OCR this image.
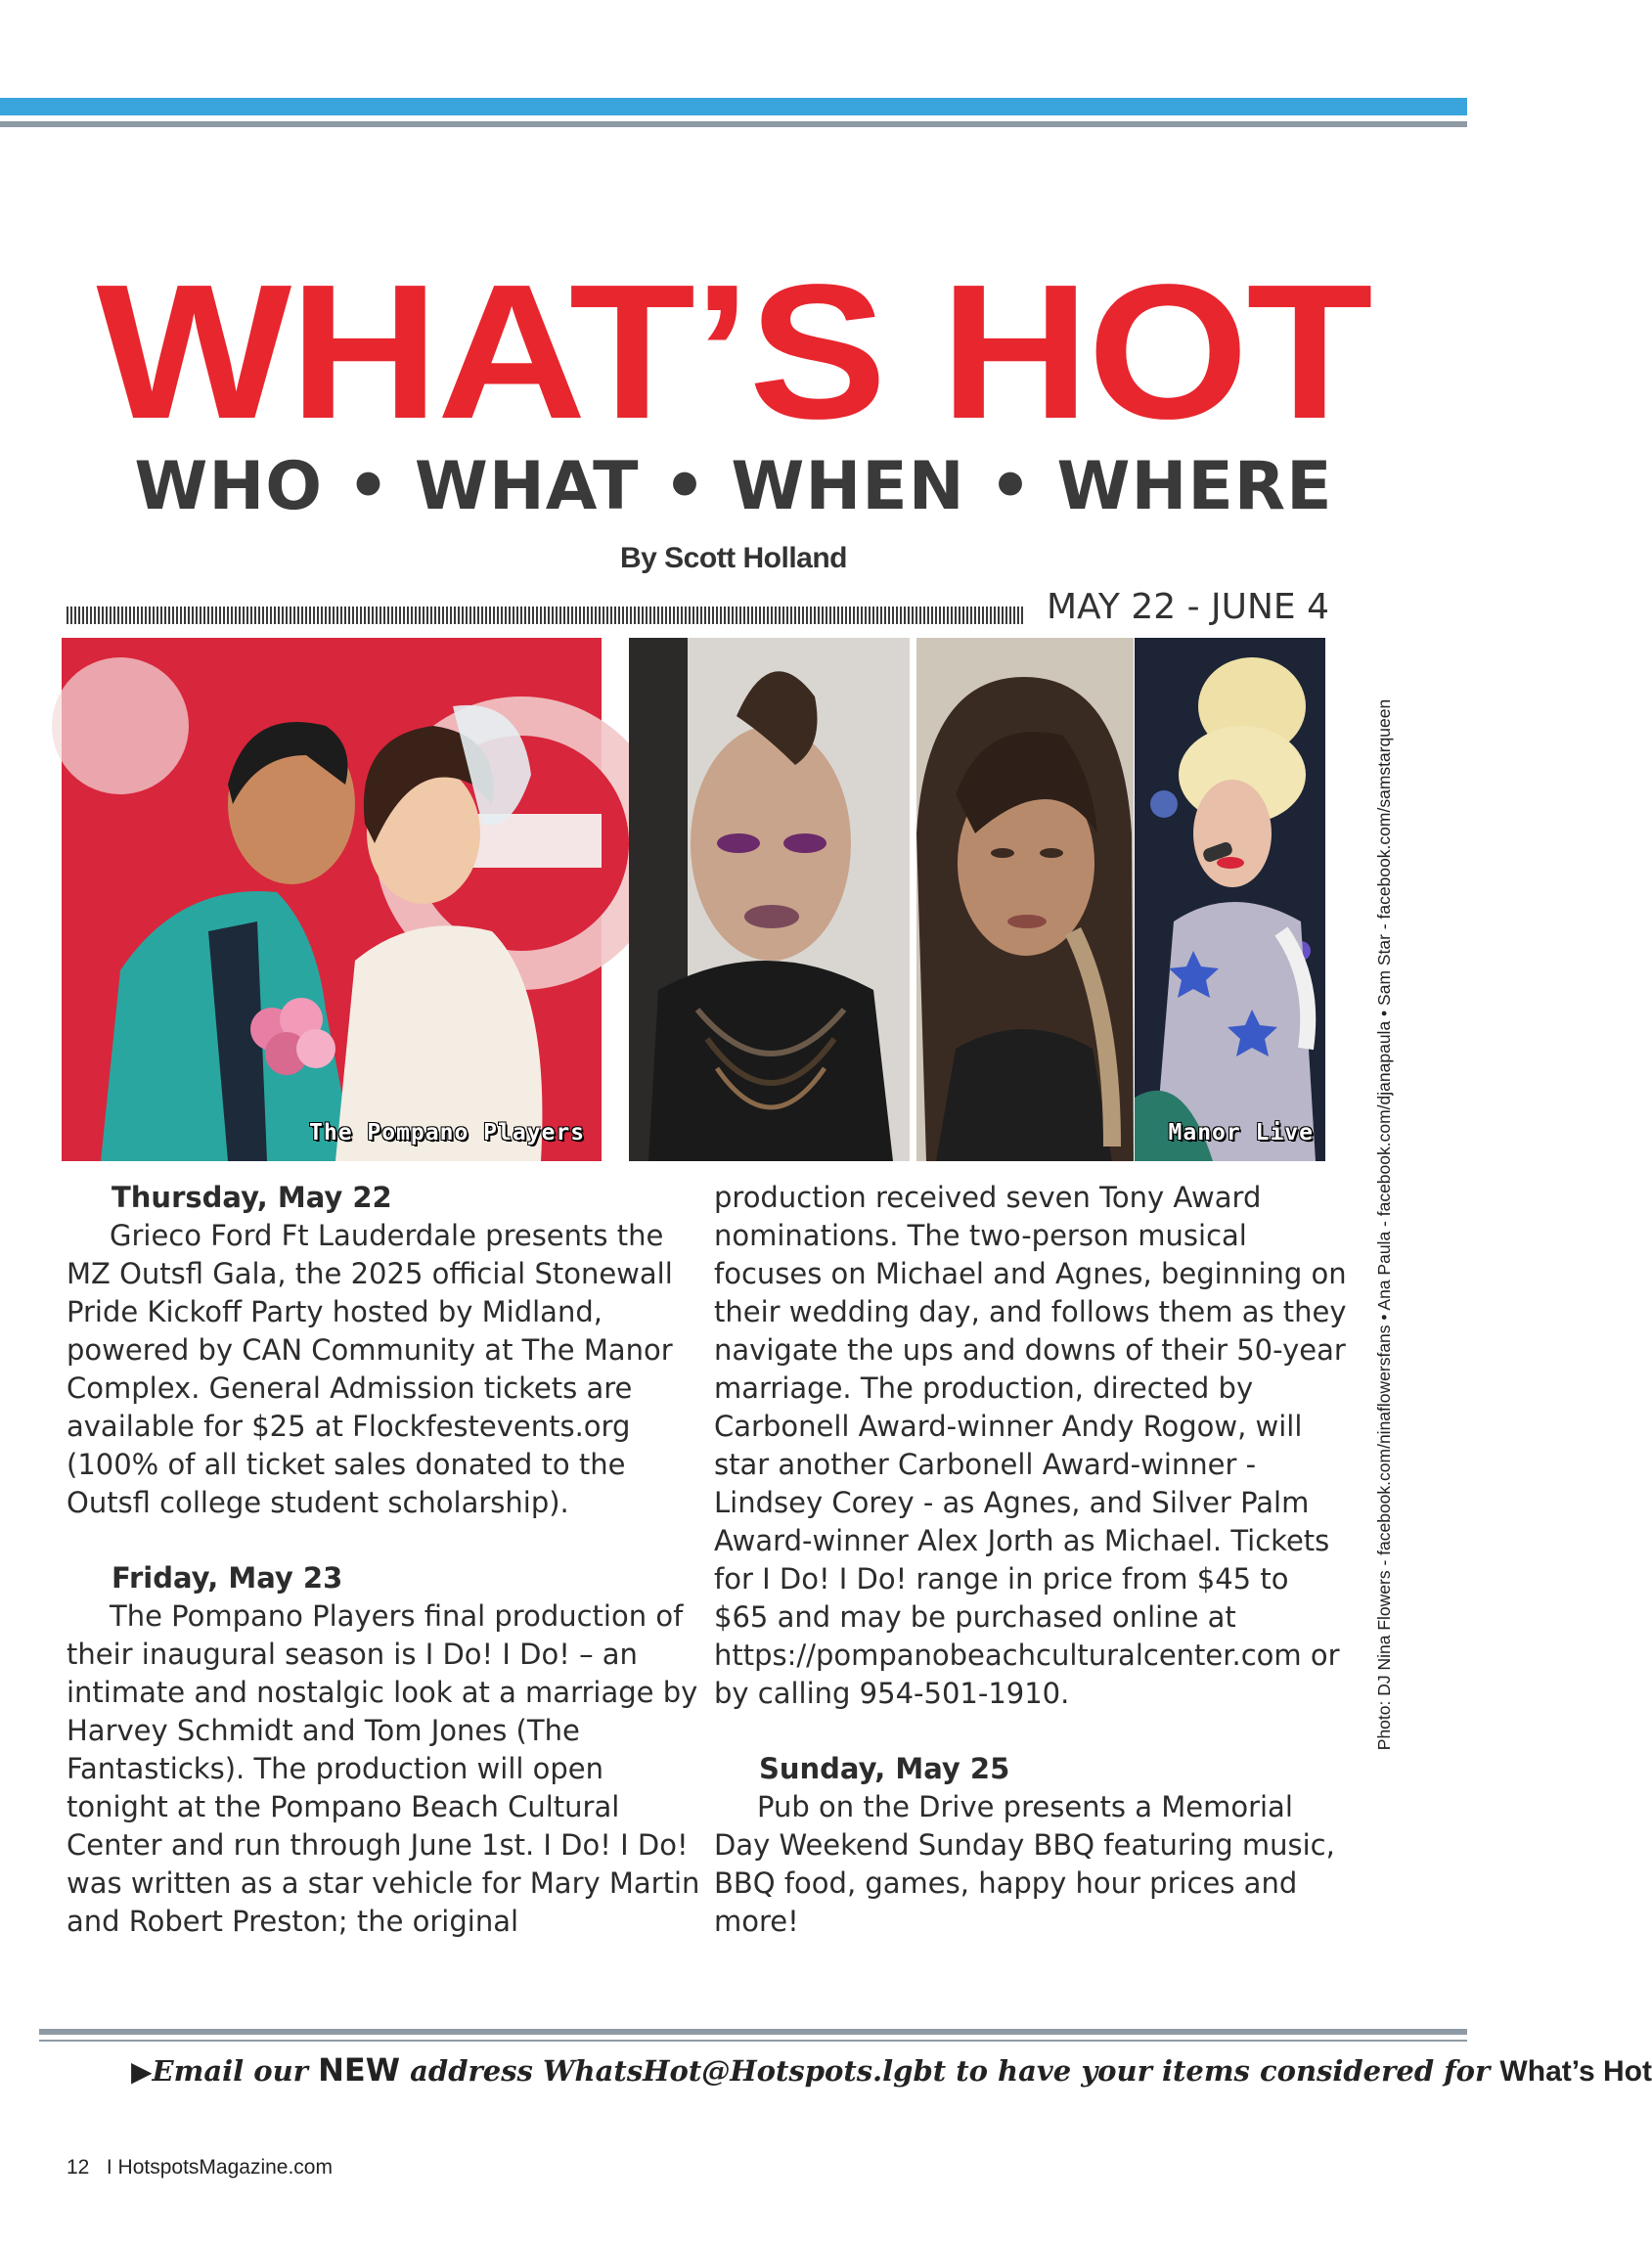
WHAT’S HOT
WHO • WHAT • WHEN • WHERE
By Scott Holland
MAY 22 - JUNE 4
The Pompano Players	Manor Live	Photo: DJ Nina Flowers - facebook.com/ninaflowersfans • Ana Paula - facebook.com/djanapaula • Sam Star - facebook.com/samstarqueen
Thursday, May 22

Grieco Ford Ft Lauderdale presents the MZ Outsfl Gala, the 2025 official Stonewall Pride Kickoff Party hosted by Midland, powered by CAN Community at The Manor Complex. General Admission tickets are available for $25 at Flockfestevents.org (100% of all ticket sales donated to the Outsfl college student scholarship).

Friday, May 23

The Pompano Players final production of their inaugural season is I Do! I Do! – an intimate and nostalgic look at a marriage by Harvey Schmidt and Tom Jones (The Fantasticks). The production will open tonight at the Pompano Beach Cultural Center and run through June 1st. I Do! I Do! was written as a star vehicle for Mary Martin and Robert Preston; the original

production received seven Tony Award nominations. The two-person musical focuses on Michael and Agnes, beginning on their wedding day, and follows them as they navigate the ups and downs of their 50-year marriage. The production, directed by Carbonell Award-winner Andy Rogow, will star another Carbonell Award-winner - Lindsey Corey - as Agnes, and Silver Palm Award-winner Alex Jorth as Michael. Tickets for I Do! I Do! range in price from $45 to $65 and may be purchased online at https://pompanobeachculturalcenter.com or by calling 954-501-1910.

Sunday, May 25

Pub on the Drive presents a Memorial Day Weekend Sunday BBQ featuring music, BBQ food, games, happy hour prices and more!

▶Email our NEW address WhatsHot@Hotspots.lgbt to have your items considered for What’s Hot
12 I HotspotsMagazine.com
